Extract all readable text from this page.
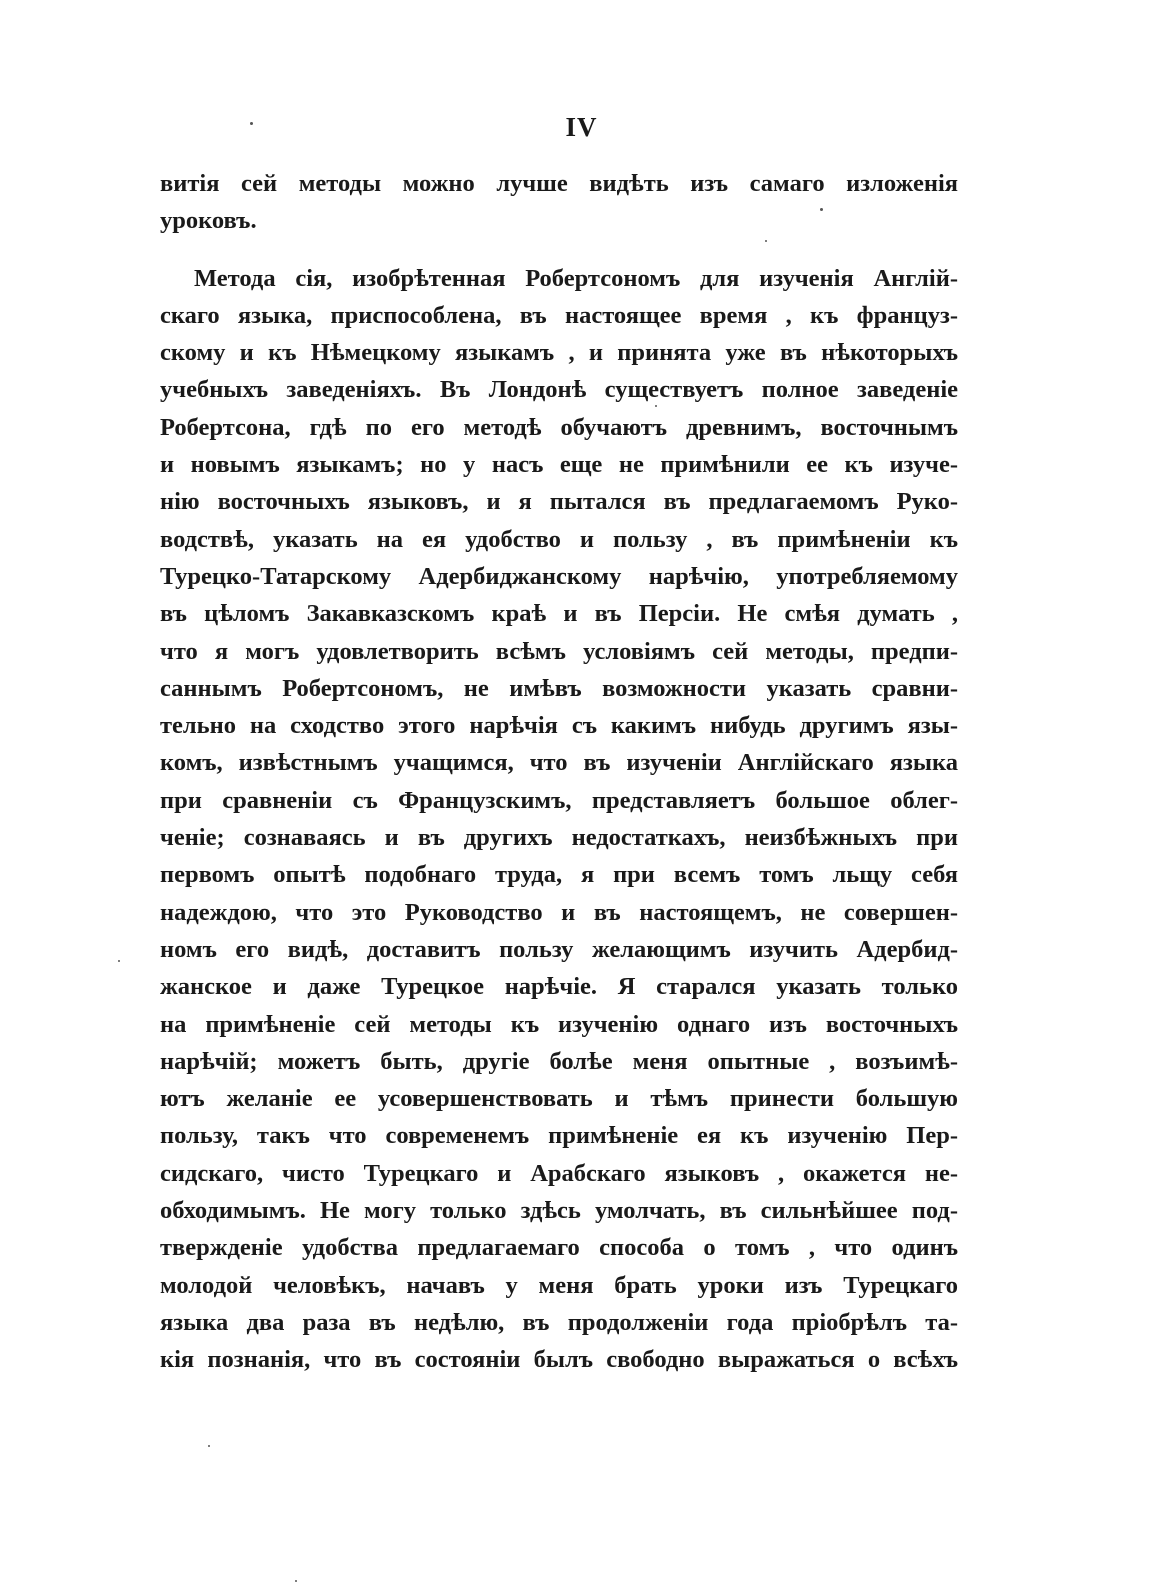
IV
витія сей методы можно лучше видѣть изъ самаго изложенія
уроковъ.
Метода сія, изобрѣтенная Робертсономъ для изученія Англій-
скаго языка, приспособлена, въ настоящее время , къ француз-
скому и къ Нѣмецкому языкамъ , и принята уже въ нѣкоторыхъ
учебныхъ заведеніяхъ. Въ Лондонѣ существуетъ полное заведеніе
Робертсона, гдѣ по его методѣ обучаютъ древнимъ, восточнымъ
и новымъ языкамъ; но у насъ еще не примѣнили ее къ изуче-
нію восточныхъ языковъ, и я пытался въ предлагаемомъ Руко-
водствѣ, указать на ея удобство и пользу , въ примѣненіи къ
Турецко-Татарскому Адербиджанскому нарѣчію, употребляемому
въ цѣломъ Закавказскомъ краѣ и въ Персіи. Не смѣя думать ,
что я могъ удовлетворить всѣмъ условіямъ сей методы, предпи-
саннымъ Робертсономъ, не имѣвъ возможности указать сравни-
тельно на сходство этого нарѣчія съ какимъ нибудь другимъ язы-
комъ, извѣстнымъ учащимся, что въ изученіи Англійскаго языка
при сравненіи съ Французскимъ, представляетъ большое облег-
ченіе; сознаваясь и въ другихъ недостаткахъ, неизбѣжныхъ при
первомъ опытѣ подобнаго труда, я при всемъ томъ льщу себя
надеждою, что это Руководство и въ настоящемъ, не совершен-
номъ его видѣ, доставитъ пользу желающимъ изучить Адербид-
жанское и даже Турецкое нарѣчіе. Я старался указать только
на примѣненіе сей методы къ изученію однаго изъ восточныхъ
нарѣчій; можетъ быть, другіе болѣе меня опытные , возъимѣ-
ютъ желаніе ее усовершенствовать и тѣмъ принести большую
пользу, такъ что современемъ примѣненіе ея къ изученію Пер-
сидскаго, чисто Турецкаго и Арабскаго языковъ , окажется не-
обходимымъ. Не могу только здѣсь умолчать, въ сильнѣйшее под-
твержденіе удобства предлагаемаго способа о томъ , что одинъ
молодой человѣкъ, начавъ у меня брать уроки изъ Турецкаго
языка два раза въ недѣлю, въ продолженіи года пріобрѣлъ та-
кія познанія, что въ состояніи былъ свободно выражаться о всѣхъ
